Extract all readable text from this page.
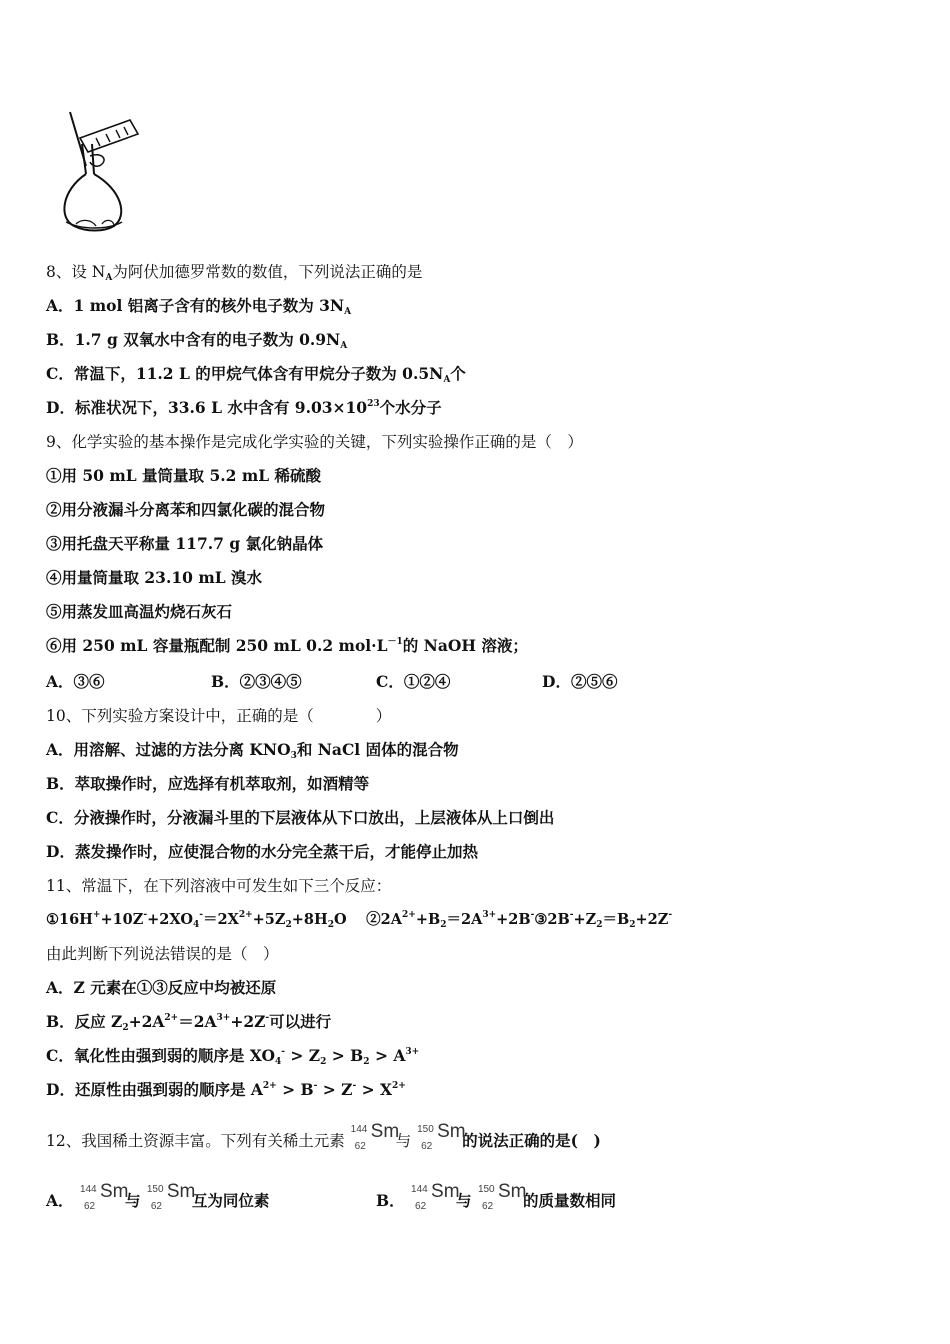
8、设 $N_A$为阿伏加德罗常数的数值，下列说法正确的是
A．1 mol 铝离子含有的核外电子数为 $3N_A$
B．1.7 g 双氧水中含有的电子数为 $0.9N_A$
C．常温下，11.2 L 的甲烷气体含有甲烷分子数为 $0.5N_A$个
D．标准状况下，33.6 L 水中含有 $9.03\times 10^{23}$个水分子
9、化学实验的基本操作是完成化学实验的关键，下列实验操作正确的是（　）
①用 50 mL 量筒量取 5.2 mL 稀硫酸
②用分液漏斗分离苯和四氯化碳的混合物
③用托盘天平称量 117.7 g 氯化钠晶体
④用量筒量取 23.10 mL 溴水
⑤用蒸发皿高温灼烧石灰石
⑥用 250 mL 容量瓶配制 250 mL 0.2 $mol\cdot L^{-1}$的 NaOH 溶液；
A．③⑥	B．②③④⑤	C．①②④	D．②⑤⑥
10、下列实验方案设计中，正确的是（　　　　）
A．用溶解、过滤的方法分离 $KNO_3$和 NaCl 固体的混合物
B．萃取操作时，应选择有机萃取剂，如酒精等
C．分液操作时，分液漏斗里的下层液体从下口放出，上层液体从上口倒出
D．蒸发操作时，应使混合物的水分完全蒸干后，才能停止加热
11、常温下，在下列溶液中可发生如下三个反应：
$①16H^++10Z^-+2XO_4^-=2X^{2+}+5Z_2+8H_2O$　 $②2A^{2+}+B_2=2A^{3+}+2B^-③2B^-+Z_2=B_2+2Z^-$
由此判断下列说法错误的是（　）
A．Z 元素在①③反应中均被还原
B．反应 $Z_2+2A^{2+}=2A^{3+}+2Z^-$可以进行
C．氧化性由强到弱的顺序是 $XO_4^- > Z_2 > B_2 > A^{3+}$
D．还原性由强到弱的顺序是 $A^{2+} > B^- > Z^- > X^{2+}$
12、我国稀土资源丰富。下列有关稀土元素
144
62
Sm
与
150
62
Sm
的说法正确的是(　)
A．
144
62
Sm
与
150
62
Sm
互为同位素	B．
144
62
Sm
与
150
62
Sm
的质量数相同
